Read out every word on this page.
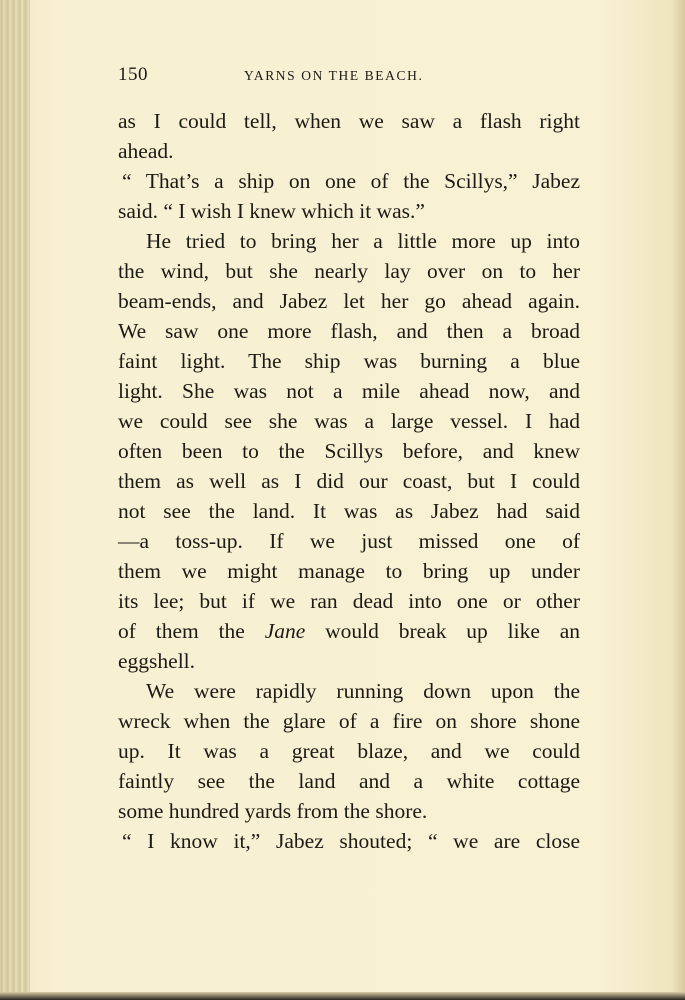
150	YARNS ON THE BEACH.
as I could tell, when we saw a flash right
ahead.
“ That’s a ship on one of the Scillys,” Jabez
said. “ I wish I knew which it was.”
He tried to bring her a little more up into
the wind, but she nearly lay over on to her
beam-ends, and Jabez let her go ahead again.
We saw one more flash, and then a broad
faint light. The ship was burning a blue
light. She was not a mile ahead now, and
we could see she was a large vessel. I had
often been to the Scillys before, and knew
them as well as I did our coast, but I could
not see the land. It was as Jabez had said
—a toss-up. If we just missed one of
them we might manage to bring up under
its lee; but if we ran dead into one or other
of them the Jane would break up like an
eggshell.
We were rapidly running down upon the
wreck when the glare of a fire on shore shone
up. It was a great blaze, and we could
faintly see the land and a white cottage
some hundred yards from the shore.
“ I know it,” Jabez shouted; “ we are close
